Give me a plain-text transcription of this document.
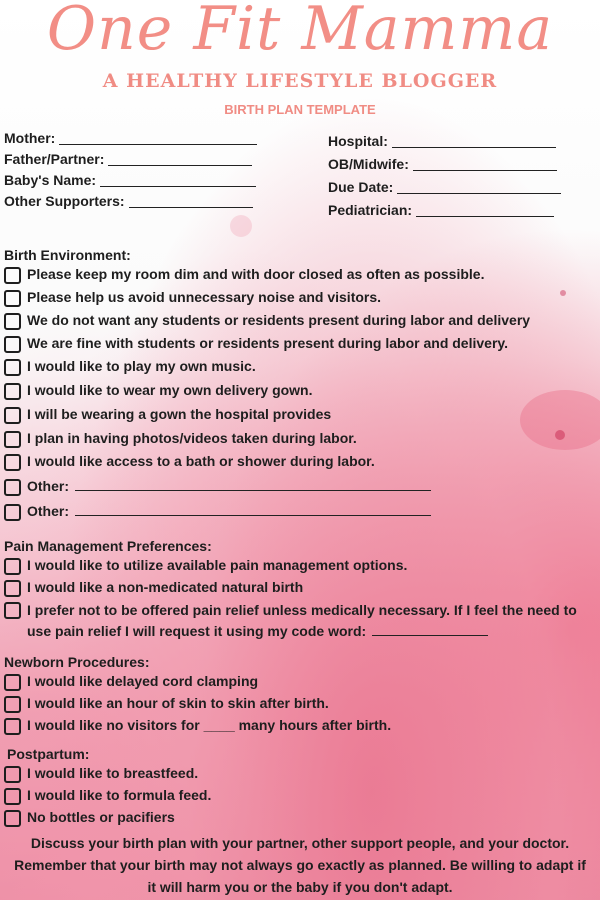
One Fit Mamma
A HEALTHY LIFESTYLE BLOGGER
BIRTH PLAN TEMPLATE
Mother:
Father/Partner:
Baby's Name:
Other Supporters:
Hospital:
OB/Midwife:
Due Date:
Pediatrician:
Birth Environment:
Please keep my room dim and with door closed as often as possible.
Please help us avoid unnecessary noise and visitors.
We do not want any students or residents present during labor and delivery
We are fine with students or residents present during labor and delivery.
I would like to play my own music.
I would like to wear my own delivery gown.
I will be wearing a gown the hospital provides
I plan in having photos/videos taken during labor.
I would like access to a bath or shower during labor.
Other:
Other:
Pain Management Preferences:
I would like to utilize available pain management options.
I would like a non-medicated natural birth
I prefer not to be offered pain relief unless medically necessary. If I feel the need to use pain relief I will request it using my code word:
Newborn Procedures:
I would like delayed cord clamping
I would like an hour of skin to skin after birth.
I would like no visitors for ____ many hours after birth.
Postpartum:
I would like to breastfeed.
I would like to formula feed.
No bottles or pacifiers
Discuss your birth plan with your partner, other support people, and your doctor. Remember that your birth may not always go exactly as planned. Be willing to adapt if it will harm you or the baby if you don't adapt.
